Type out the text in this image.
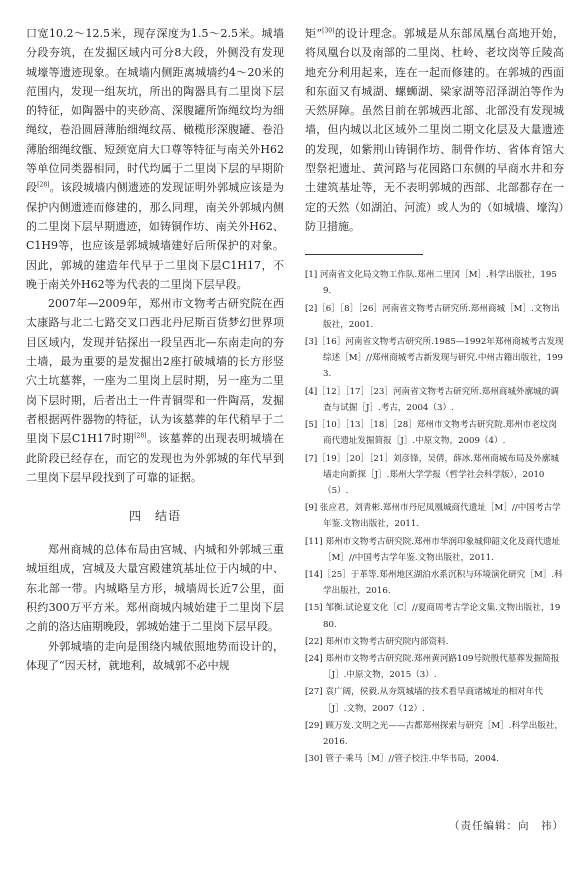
口宽10.2～12.5米，现存深度为1.5～2.5米。城墙分段夯筑，在发掘区域内可分8大段，外侧没有发现城壕等遗迹现象。在城墙内侧距离城墙约4～20米的范围内，发现一组灰坑，所出的陶器具有二里岗下层的特征，如陶器中的夹砂高、深腹罐所饰绳纹均为细绳纹，卷沿圆唇薄胎细绳纹鬲、橄榄形深腹罐、卷沿薄胎细绳纹甑、短颈宽肩大口尊等特征与南关外H62等单位同类器相同，时代均属于二里岗下层的早期阶段[28]。该段城墙内侧遗迹的发现证明外郭城应该是为保护内侧遗迹而修建的，那么同理，南关外郭城内侧的二里岗下层早期遗迹，如铸铜作坊、南关外H62、C1H9等，也应该是郭城城墙建好后所保护的对象。因此，郭城的建造年代早于二里岗下层C1H17，不晚于南关外H62等为代表的二里岗下层早段。

2007年—2009年，郑州市文物考古研究院在西太康路与北二七路交叉口西北丹尼斯百货梦幻世界项目区域内，发现并钻探出一段呈西北—东南走向的夯土墙，最为重要的是发掘出2座打破城墙的长方形竖穴土坑墓葬，一座为二里岗上层时期，另一座为二里岗下层时期，后者出土一件青铜斝和一件陶鬲，发掘者根据两件器物的特征，认为该墓葬的年代稍早于二里岗下层C1H17时期[28]。该墓葬的出现表明城墙在此阶段已经存在，而它的发现也为外郭城的年代早到二里岗下层早段找到了可靠的证据。

四　结语

郑州商城的总体布局由宫城、内城和外郭城三重城垣组成，宫城及大量宫殿建筑基址位于内城的中、东北部一带。内城略呈方形，城墙周长近7公里，面积约300万平方米。郑州商城内城始建于二里岗下层之前的洛达庙期晚段，郭城始建于二里岗下层早段。

外郭城墙的走向是围绕内城依照地势而设计的，体现了“因天材，就地利，故城郭不必中规

矩”[30]的设计理念。郭城是从东部凤凰台高地开始，将凤凰台以及南部的二里岗、杜岭、老坟岗等丘陵高地充分利用起来，连在一起而修建的。在郭城的西面和东面又有城湖、螺蛳湖、梁家湖等沼泽湖泊等作为天然屏障。虽然目前在郭城西北部、北部没有发现城墙，但内城以北区域外二里岗二期文化层及大量遗迹的发现，如紫荆山铸铜作坊、制骨作坊、省体育馆大型祭祀遗址、黄河路与花园路口东侧的早商水井和夯土建筑基址等，无不表明郭城的西部、北部都存在一定的天然（如湖泊、河流）或人为的（如城墙、壕沟）防卫措施。

[1] 河南省文化局文物工作队.郑州二里冈［M］.科学出版社，1959.
[2]［6］［8］［26］河南省文物考古研究所.郑州商城［M］.文物出版社，2001.
[3]［16］河南省文物考古研究所.1985—1992年郑州商城考古发现综述［M］//郑州商城考古新发现与研究.中州古籍出版社，1993.
[4]［12］［17］［23］河南省文物考古研究所.郑州商城外廓城的调查与试掘［J］.考古，2004（3）.
[5]［10］［13］［18］［28］郑州市文物考古研究院.郑州市老坟岗商代遗址发掘简报［J］.中原文物，2009（4）.
[7]［19］［20］［21］刘彦锋，吴倩，薛冰.郑州商城布局及外廓城墙走向新探［J］.郑州大学学报（哲学社会科学版），2010（5）.
[9] 张应君，刘青彬.郑州市丹尼凤凰城商代遗址［M］//中国考古学年鉴.文物出版社，2011.
[11] 郑州市文物考古研究院.郑州市华润印象城仰韶文化及商代遗址［M］//中国考古学年鉴.文物出版社，2011.
[14]［25］于革等.郑州地区湖泊水系沉积与环境演化研究［M］.科学出版社，2016.
[15] 邹衡.试论夏文化［C］//夏商周考古学论文集.文物出版社，1980.
[22] 郑州市文物考古研究院内部资料.
[24] 郑州市文物考古研究院.郑州黄河路109号院殷代墓葬发掘简报［J］.中原文物，2015（3）.
[27] 袁广阔，侯毅.从夯筑城墙的技术看早商诸城址的相对年代［J］.文物，2007（12）.
[29] 顾万发.文明之光——古都郑州探索与研究［M］.科学出版社，2016.
[30] 管子·乘马［M］//管子校注.中华书局，2004.
（责任编辑：向　祎）
